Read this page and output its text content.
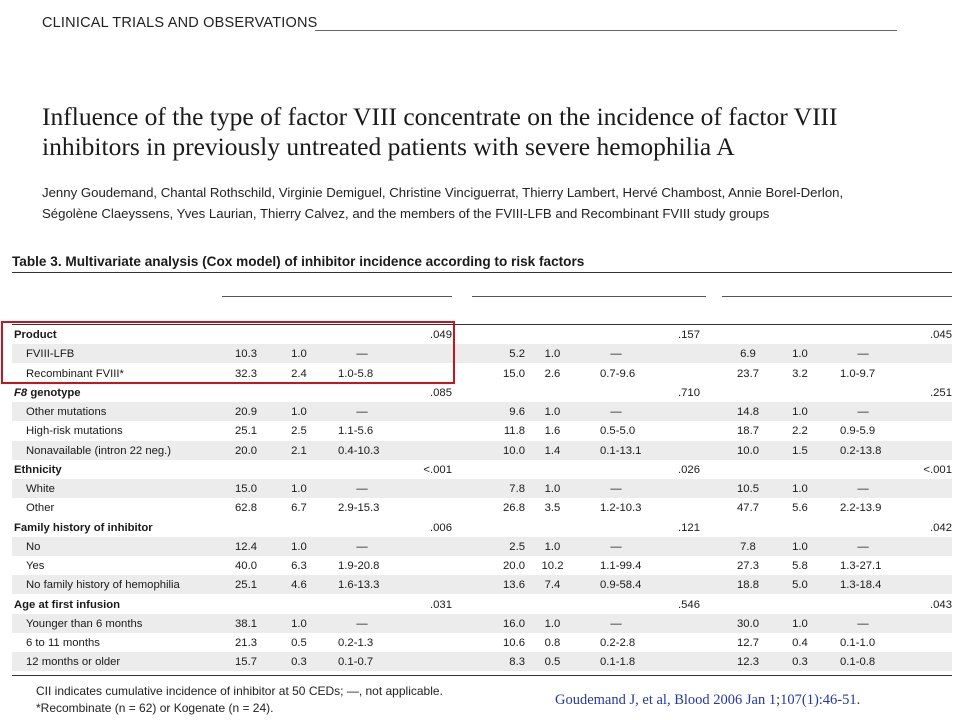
CLINICAL TRIALS AND OBSERVATIONS
Influence of the type of factor VIII concentrate on the incidence of factor VIII
inhibitors in previously untreated patients with severe hemophilia A
Jenny Goudemand, Chantal Rothschild, Virginie Demiguel, Christine Vinciguerrat, Thierry Lambert, Hervé Chambost, Annie Borel-Derlon,
Ségolène Claeyssens, Yves Laurian, Thierry Calvez, and the members of the FVIII-LFB and Recombinant FVIII study groups
Table 3. Multivariate analysis (Cox model) of inhibitor incidence according to risk factors
Product	.049	.157	.045
FVIII-LFB	10.3	1.0	—	5.2	1.0	—	6.9	1.0	—
Recombinant FVIII*	32.3	2.4	1.0-5.8	15.0	2.6	0.7-9.6	23.7	3.2	1.0-9.7
F8 genotype	.085	.710	.251
Other mutations	20.9	1.0	—	9.6	1.0	—	14.8	1.0	—
High-risk mutations	25.1	2.5	1.1-5.6	11.8	1.6	0.5-5.0	18.7	2.2	0.9-5.9
Nonavailable (intron 22 neg.)	20.0	2.1	0.4-10.3	10.0	1.4	0.1-13.1	10.0	1.5	0.2-13.8
Ethnicity	<.001	.026	<.001
White	15.0	1.0	—	7.8	1.0	—	10.5	1.0	—
Other	62.8	6.7	2.9-15.3	26.8	3.5	1.2-10.3	47.7	5.6	2.2-13.9
Family history of inhibitor	.006	.121	.042
No	12.4	1.0	—	2.5	1.0	—	7.8	1.0	—
Yes	40.0	6.3	1.9-20.8	20.0	10.2	1.1-99.4	27.3	5.8	1.3-27.1
No family history of hemophilia	25.1	4.6	1.6-13.3	13.6	7.4	0.9-58.4	18.8	5.0	1.3-18.4
Age at first infusion	.031	.546	.043
Younger than 6 months	38.1	1.0	—	16.0	1.0	—	30.0	1.0	—
6 to 11 months	21.3	0.5	0.2-1.3	10.6	0.8	0.2-2.8	12.7	0.4	0.1-1.0
12 months or older	15.7	0.3	0.1-0.7	8.3	0.5	0.1-1.8	12.3	0.3	0.1-0.8
CII indicates cumulative incidence of inhibitor at 50 CEDs; —, not applicable.
*Recombinate (n = 62) or Kogenate (n = 24).	Goudemand J, et al, Blood 2006 Jan 1;107(1):46-51.
